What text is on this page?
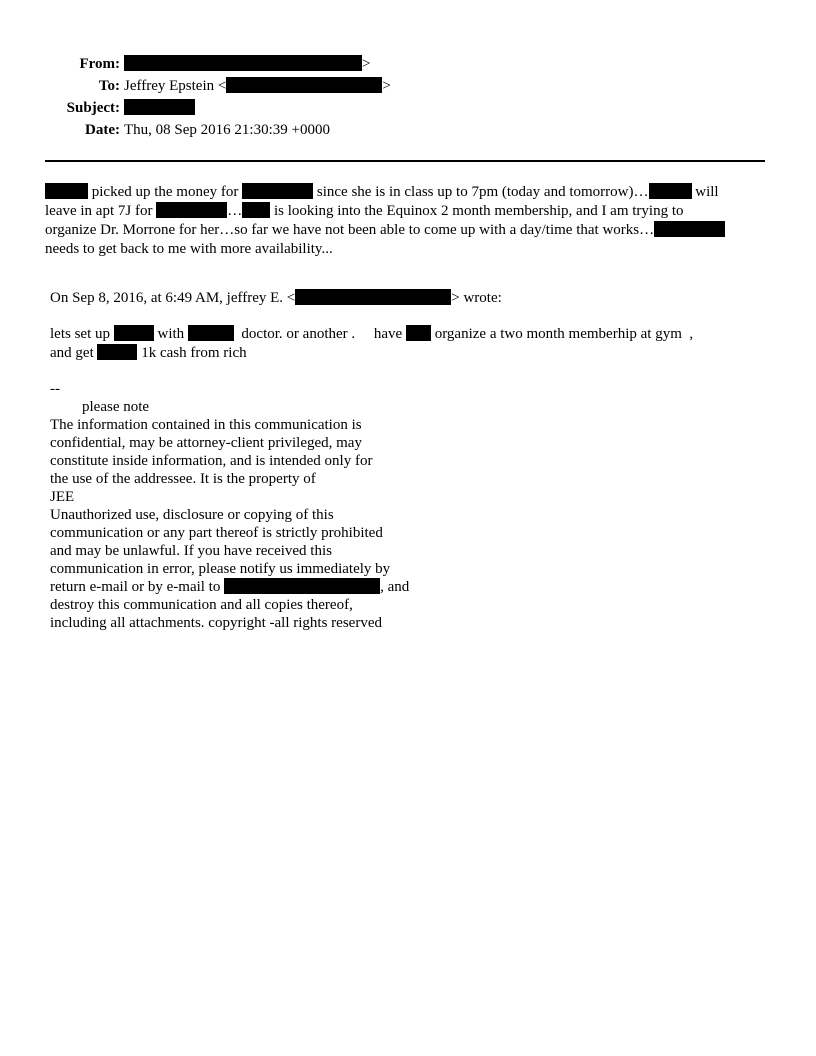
From:	>
To: Jeffrey Epstein <	>
Subject:
Date: Thu, 08 Sep 2016 21:30:39 +0000
picked up the money for	since she is in class up to 7pm (today and tomorrow)…	will
leave in apt 7J for	… is looking into the Equinox 2 month membership, and I am trying to
organize Dr. Morrone for her…so far we have not been able to come up with a day/time that works…
needs to get back to me with more availability...
On Sep 8, 2016, at 6:49 AM, jeffrey E. <	> wrote:
lets set up	with	doctor. or another .     have organize a two month memberhip at gym  ,
and get	1k cash from rich
--
please note
The information contained in this communication is
confidential, may be attorney-client privileged, may
constitute inside information, and is intended only for
the use of the addressee. It is the property of
JEE
Unauthorized use, disclosure or copying of this
communication or any part thereof is strictly prohibited
and may be unlawful. If you have received this
communication in error, please notify us immediately by
return e-mail or by e-mail to	, and
destroy this communication and all copies thereof,
including all attachments. copyright -all rights reserved
